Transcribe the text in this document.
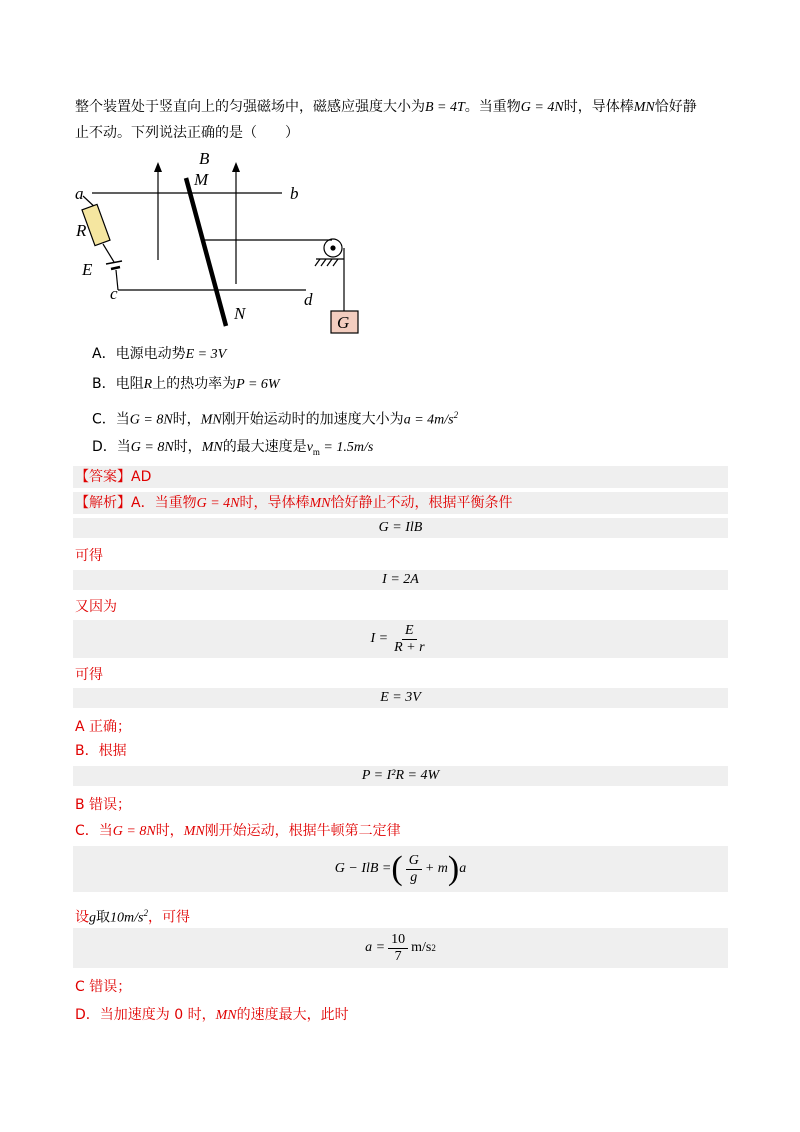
整个装置处于竖直向上的匀强磁场中，磁感应强度大小为B = 4T。当重物G = 4N时，导体棒MN恰好静
止不动。下列说法正确的是（　　）
B
M
a	b
R
E
c	d
N	G
A．电源电动势E = 3V
B．电阻R上的热功率为P = 6W
C．当G = 8N时，MN刚开始运动时的加速度大小为$a = 4m/s^2$
D．当G = 8N时，MN的最大速度是$v_m = 1.5m/s$
【答案】AD
【解析】A．当重物G = 4N时，导体棒MN恰好静止不动，根据平衡条件
G = IlB
可得
I = 2A
又因为
$I = \frac{E}{R + r}$
可得
E = 3V
A 正确；
B．根据
P = I²R = 4W
B 错误；
C．当G = 8N时，MN刚开始运动，根据牛顿第二定律
G − IlB = ( $\frac{G}{g} + m$ ) a
设g取$10m/s^2$，可得
$a = \frac{10}{7} m/s$ 2
C 错误；
D．当加速度为 0 时，MN的速度最大，此时
